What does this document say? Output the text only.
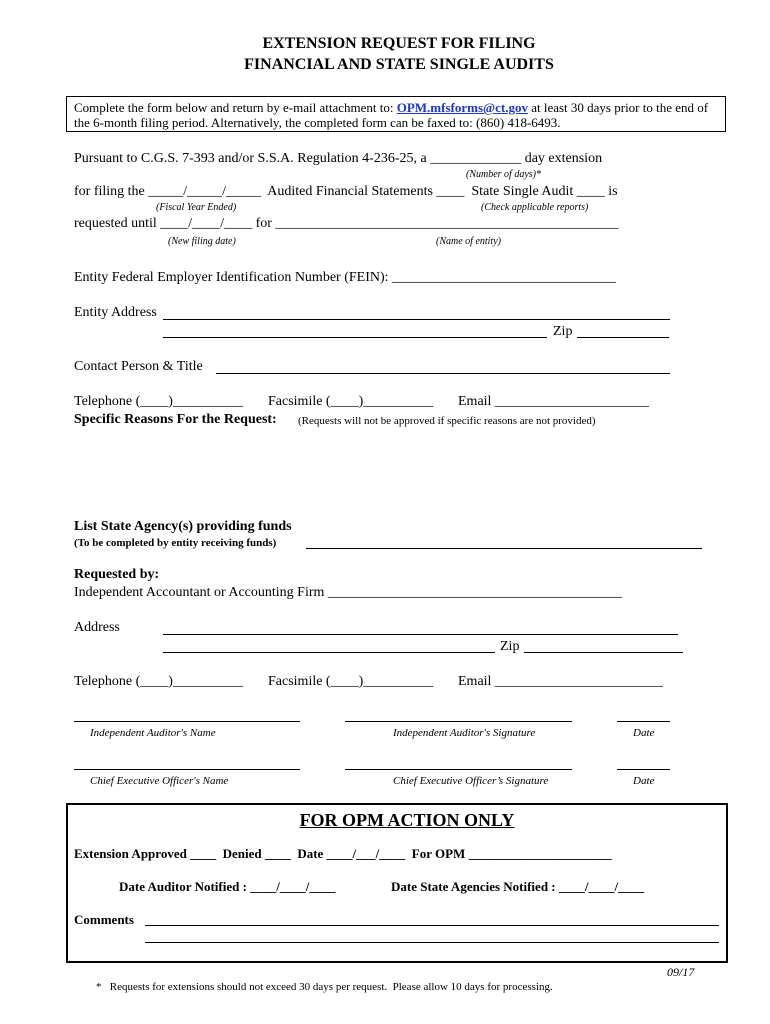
EXTENSION REQUEST FOR FILING
FINANCIAL AND STATE SINGLE AUDITS
Complete the form below and return by e-mail attachment to: OPM.mfsforms@ct.gov at least 30 days prior to the end of the 6-month filing period. Alternatively, the completed form can be faxed to: (860) 418-6493.
Pursuant to C.G.S. 7-393 and/or S.S.A. Regulation 4-236-25, a _____________ day extension
(Number of days)*
for filing the _____/_____/_____  Audited Financial Statements ____  State Single Audit ____ is
(Fiscal Year Ended)	(Check applicable reports)
requested until ____/____/____ for _________________________________________________
(New filing date)	(Name of entity)
Entity Federal Employer Identification Number (FEIN): ________________________________
Entity Address
Zip
Contact Person & Title
Telephone (____)__________ Facsimile (____)__________ Email ______________________
Specific Reasons For the Request: (Requests will not be approved if specific reasons are not provided)
List State Agency(s) providing funds
(To be completed by entity receiving funds)
Requested by:
Independent Accountant or Accounting Firm __________________________________________
Address
Zip
Telephone (____)__________ Facsimile (____)__________ Email ________________________
Independent Auditor's Name	Independent Auditor's Signature	Date
Chief Executive Officer's Name	Chief Executive Officer’s Signature	Date
FOR OPM ACTION ONLY
Extension Approved ____  Denied ____  Date ____/___/____  For OPM ______________________
Date Auditor Notified : ____/____/____	Date State Agencies Notified : ____/____/____
Comments
09/17
*   Requests for extensions should not exceed 30 days per request.  Please allow 10 days for processing.
